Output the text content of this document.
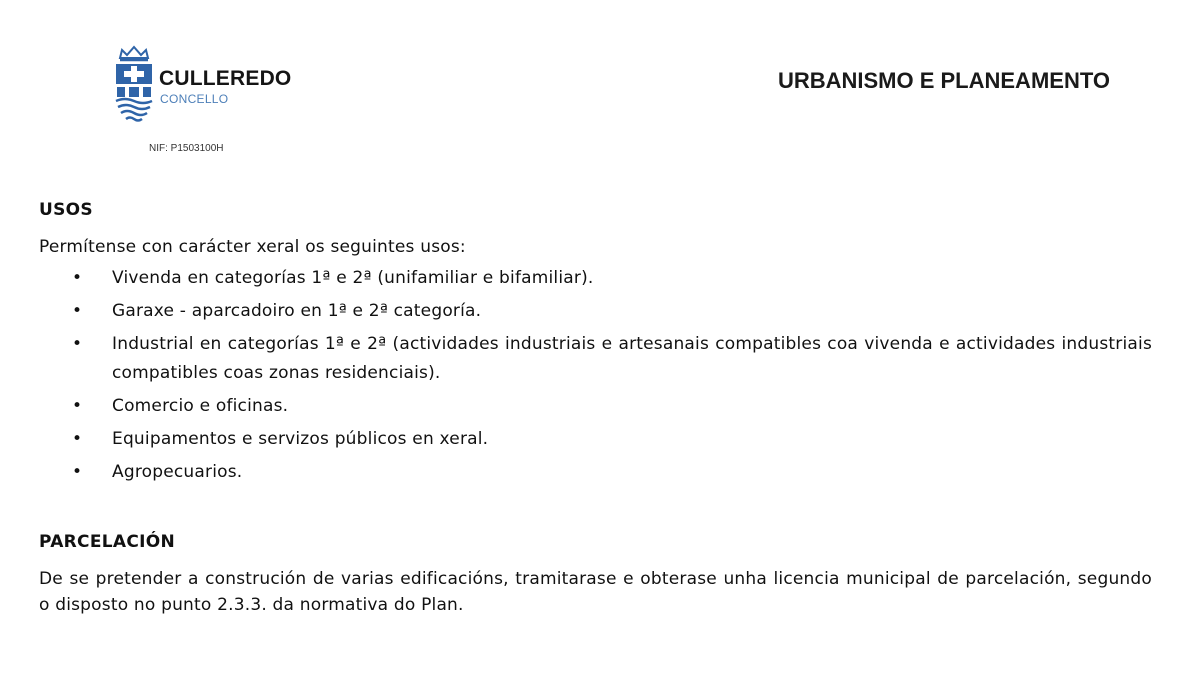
CULLEREDO
CONCELLO
NIF: P1503100H
URBANISMO E PLANEAMENTO
USOS
Permítense con carácter xeral os seguintes usos:
• Vivenda en categorías 1ª e 2ª (unifamiliar e bifamiliar).
• Garaxe - aparcadoiro en 1ª e 2ª categoría.
• Industrial en categorías 1ª e 2ª (actividades industriais e artesanais compatibles coa vivenda e actividades industriais compatibles coas zonas residenciais).
• Comercio e oficinas.
• Equipamentos e servizos públicos en xeral.
• Agropecuarios.
PARCELACIÓN
De se pretender a construción de varias edificacións, tramitarase e obterase unha licencia municipal de parcelación, segundo o disposto no punto 2.3.3. da normativa do Plan.
